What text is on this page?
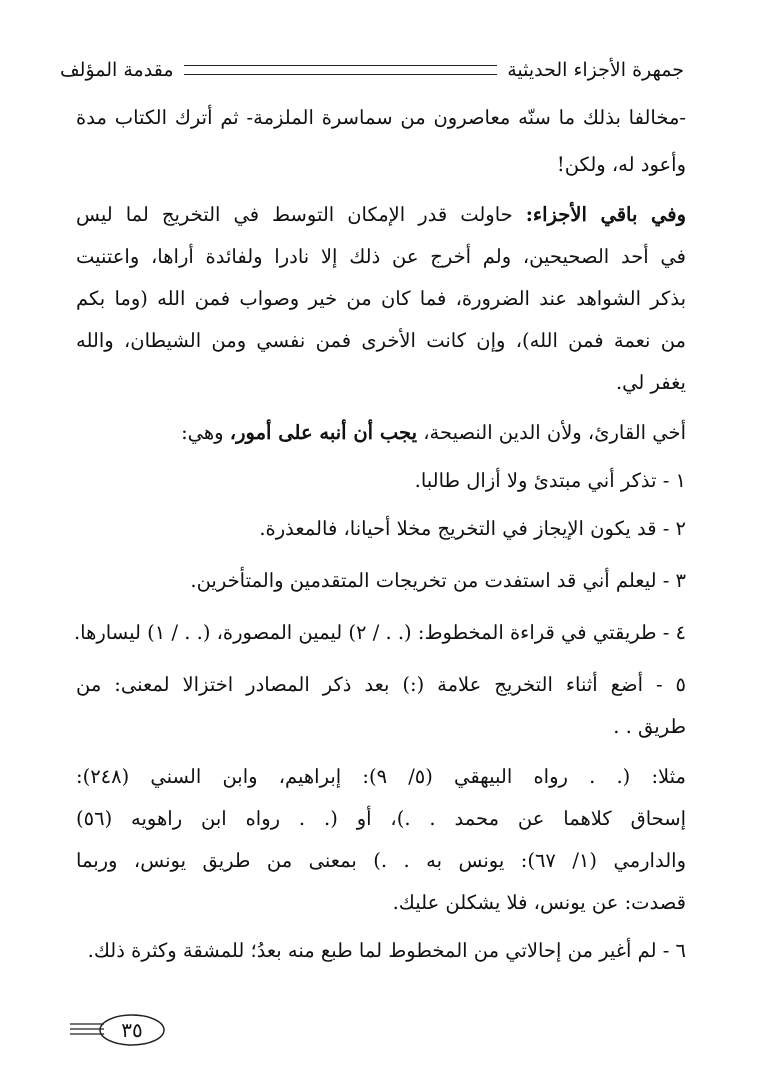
جمهرة الأجزاء الحديثية
مقدمة المؤلف
-مخالفا بذلك ما سنّه معاصرون من سماسرة الملزمة- ثم أترك الكتاب مدة
وأعود له، ولكن!
وفي باقي الأجزاء: حاولت قدر الإمكان التوسط في التخريج لما ليس
في أحد الصحيحين، ولم أخرج عن ذلك إلا نادرا ولفائدة أراها، واعتنيت
بذكر الشواهد عند الضرورة، فما كان من خير وصواب فمن الله (وما بكم
من نعمة فمن الله)، وإن كانت الأخرى فمن نفسي ومن الشيطان، والله
يغفر لي.
أخي القارئ، ولأن الدين النصيحة، يجب أن أنبه على أمور، وهي:
١ - تذكر أني مبتدئ ولا أزال طالبا.
٢ - قد يكون الإيجاز في التخريج مخلا أحيانا، فالمعذرة.
٣ - ليعلم أني قد استفدت من تخريجات المتقدمين والمتأخرين.
٤ - طريقتي في قراءة المخطوط: (. . / ٢) ليمين المصورة، (. . / ١) ليسارها.
٥ - أضع أثناء التخريج علامة (:) بعد ذكر المصادر اختزالا لمعنى: من
طريق . .
مثلا: (. . رواه البيهقي (٥/ ٩): إبراهيم، وابن السني (٢٤٨):
إسحاق كلاهما عن محمد . .)، أو (. . رواه ابن راهويه (٥٦)
والدارمي (١/ ٦٧): يونس به . .) بمعنى من طريق يونس، وربما
قصدت: عن يونس، فلا يشكلن عليك.
٦ - لم أغير من إحالاتي من المخطوط لما طبع منه بعدُ؛ للمشقة وكثرة ذلك.
٣٥
